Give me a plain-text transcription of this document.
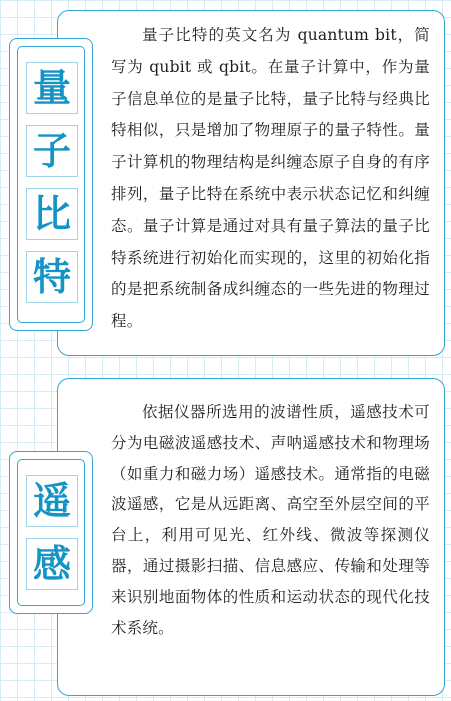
量子比特的英文名为 quantum bit，简写为 qubit 或 qbit。在量子计算中，作为量子信息单位的是量子比特，量子比特与经典比特相似，只是增加了物理原子的量子特性。量子计算机的物理结构是纠缠态原子自身的有序排列，量子比特在系统中表示状态记忆和纠缠态。量子计算是通过对具有量子算法的量子比特系统进行初始化而实现的，这里的初始化指的是把系统制备成纠缠态的一些先进的物理过程。

量
子
比
特

依据仪器所选用的波谱性质，遥感技术可分为电磁波遥感技术、声呐遥感技术和物理场（如重力和磁力场）遥感技术。通常指的电磁波遥感，它是从远距离、高空至外层空间的平台上，利用可见光、红外线、微波等探测仪器，通过摄影扫描、信息感应、传输和处理等来识别地面物体的性质和运动状态的现代化技术系统。

遥
感
